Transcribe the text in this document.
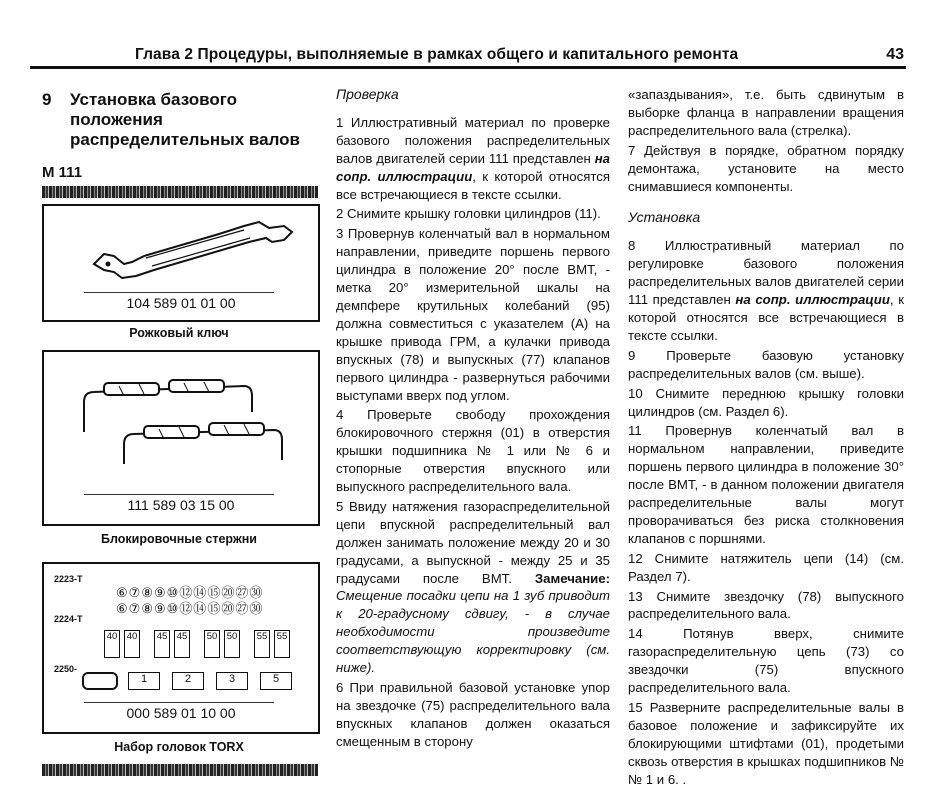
Глава 2 Процедуры, выполняемые в рамках общего и капитального ремонта	43
9 Установка базового
положения
распределительных валов
M 111
104 589 01 01 00
Рожковый ключ
111 589 03 15 00
Блокировочные стержни
2223-T
2224-T
2250-
⑥⑦⑧⑨⑩⑫⑭⑮⑳㉗㉚
⑥⑦⑧⑨⑩⑫⑭⑮⑳㉗㉚
40 40 45 45 50 50 55 55
1	2	3	5
000 589 01 10 00
Набор головок TORX

Проверка

1 Иллюстративный материал по проверке базового положения распределительных валов двигателей серии 111 представлен на сопр. иллюстрации, к которой относятся все встречающиеся в тексте ссылки.

2 Снимите крышку головки цилиндров (11).

3 Провернув коленчатый вал в нормальном направлении, приведите поршень первого цилиндра в положение 20° после ВМТ, - метка 20° измерительной шкалы на демпфере крутильных колебаний (95) должна совместиться с указателем (А) на крышке привода ГРМ, а кулачки привода впускных (78) и выпускных (77) клапанов первого цилиндра - развернуться рабочими выступами вверх под углом.

4 Проверьте свободу прохождения блокировочного стержня (01) в отверстия крышки подшипника № 1 или № 6 и стопорные отверстия впускного или выпускного распределительного вала.

5 Ввиду натяжения газораспределительной цепи впускной распределительный вал должен занимать положение между 20 и 30 градусами, а выпускной - между 25 и 35 градусами после ВМТ. Замечание: Смещение посадки цепи на 1 зуб приводит к 20-градусному сдвигу, - в случае необходимости произведите соответствующую корректировку (см. ниже).

6 При правильной базовой установке упор на звездочке (75) распределительного вала впускных клапанов должен оказаться смещенным в сторону

«запаздывания», т.е. быть сдвинутым в выборке фланца в направлении вращения распределительного вала (стрелка).

7 Действуя в порядке, обратном порядку демонтажа, установите на место снимавшиеся компоненты.

Установка

8 Иллюстративный материал по регулировке базового положения распределительных валов двигателей серии 111 представлен на сопр. иллюстрации, к которой относятся все встречающиеся в тексте ссылки.

9 Проверьте базовую установку распределительных валов (см. выше).

10 Снимите переднюю крышку головки цилиндров (см. Раздел 6).

11 Провернув коленчатый вал в нормальном направлении, приведите поршень первого цилиндра в положение 30° после ВМТ, - в данном положении двигателя распределительные валы могут проворачиваться без риска столкновения клапанов с поршнями.

12 Снимите натяжитель цепи (14) (см. Раздел 7).

13 Снимите звездочку (78) выпускного распределительного вала.

14 Потянув вверх, снимите газораспределительную цепь (73) со звездочки (75) впускного распределительного вала.

15 Разверните распределительные валы в базовое положение и зафиксируйте их блокирующими штифтами (01), продетыми сквозь отверстия в крышках подшипников №№ 1 и 6. .
